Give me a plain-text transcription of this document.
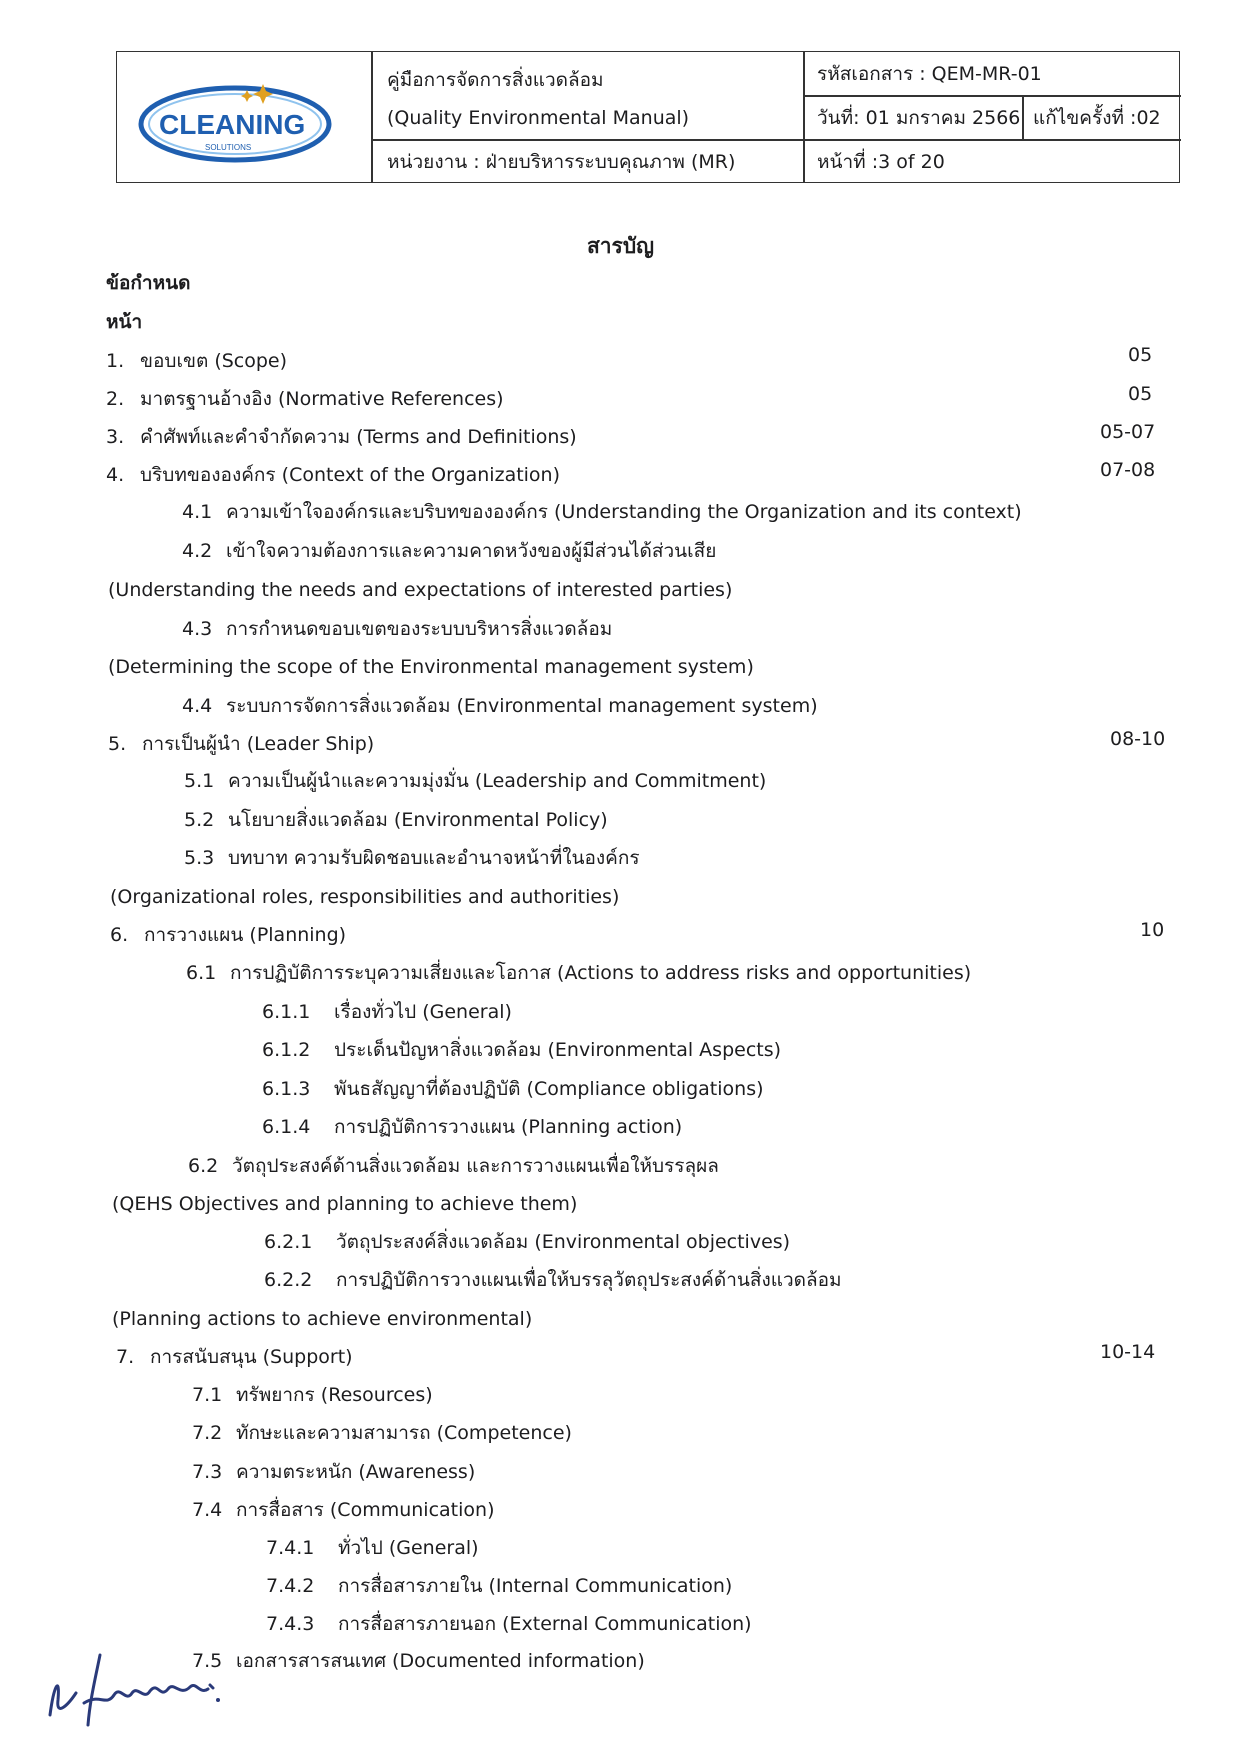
CLEANING
SOLUTIONS
คู่มือการจัดการสิ่งแวดล้อม
(Quality Environmental Manual)
หน่วยงาน : ฝ่ายบริหารระบบคุณภาพ (MR)
รหัสเอกสาร : QEM-MR-01
วันที่: 01 มกราคม 2566 แก้ไขครั้งที่ :02
หน้าที่ :3 of 20
สารบัญ
ข้อกำหนด
หน้า
1. ขอบเขต (Scope)	05
2. มาตรฐานอ้างอิง (Normative References)	05
3. คำศัพท์และคำจำกัดความ (Terms and Definitions)	05-07
4. บริบทขององค์กร (Context of the Organization)	07-08
4.1 ความเข้าใจองค์กรและบริบทขององค์กร (Understanding the Organization and its context)
4.2 เข้าใจความต้องการและความคาดหวังของผู้มีส่วนได้ส่วนเสีย
(Understanding the needs and expectations of interested parties)
4.3 การกำหนดขอบเขตของระบบบริหารสิ่งแวดล้อม
(Determining the scope of the Environmental management system)
4.4 ระบบการจัดการสิ่งแวดล้อม (Environmental management system)
5. การเป็นผู้นำ (Leader Ship)	08-10
5.1 ความเป็นผู้นำและความมุ่งมั่น (Leadership and Commitment)
5.2 นโยบายสิ่งแวดล้อม (Environmental Policy)
5.3 บทบาท ความรับผิดชอบและอำนาจหน้าที่ในองค์กร
(Organizational roles, responsibilities and authorities)
6. การวางแผน (Planning)	10
6.1 การปฏิบัติการระบุความเสี่ยงและโอกาส (Actions to address risks and opportunities)
6.1.1 เรื่องทั่วไป (General)
6.1.2 ประเด็นปัญหาสิ่งแวดล้อม (Environmental Aspects)
6.1.3 พันธสัญญาที่ต้องปฏิบัติ (Compliance obligations)
6.1.4 การปฏิบัติการวางแผน (Planning action)
6.2 วัตถุประสงค์ด้านสิ่งแวดล้อม และการวางแผนเพื่อให้บรรลุผล
(QEHS Objectives and planning to achieve them)
6.2.1 วัตถุประสงค์สิ่งแวดล้อม (Environmental objectives)
6.2.2 การปฏิบัติการวางแผนเพื่อให้บรรลุวัตถุประสงค์ด้านสิ่งแวดล้อม
(Planning actions to achieve environmental)
7. การสนับสนุน (Support)	10-14
7.1 ทรัพยากร (Resources)
7.2 ทักษะและความสามารถ (Competence)
7.3 ความตระหนัก (Awareness)
7.4 การสื่อสาร (Communication)
7.4.1 ทั่วไป (General)
7.4.2 การสื่อสารภายใน (Internal Communication)
7.4.3 การสื่อสารภายนอก (External Communication)
7.5 เอกสารสารสนเทศ (Documented information)
